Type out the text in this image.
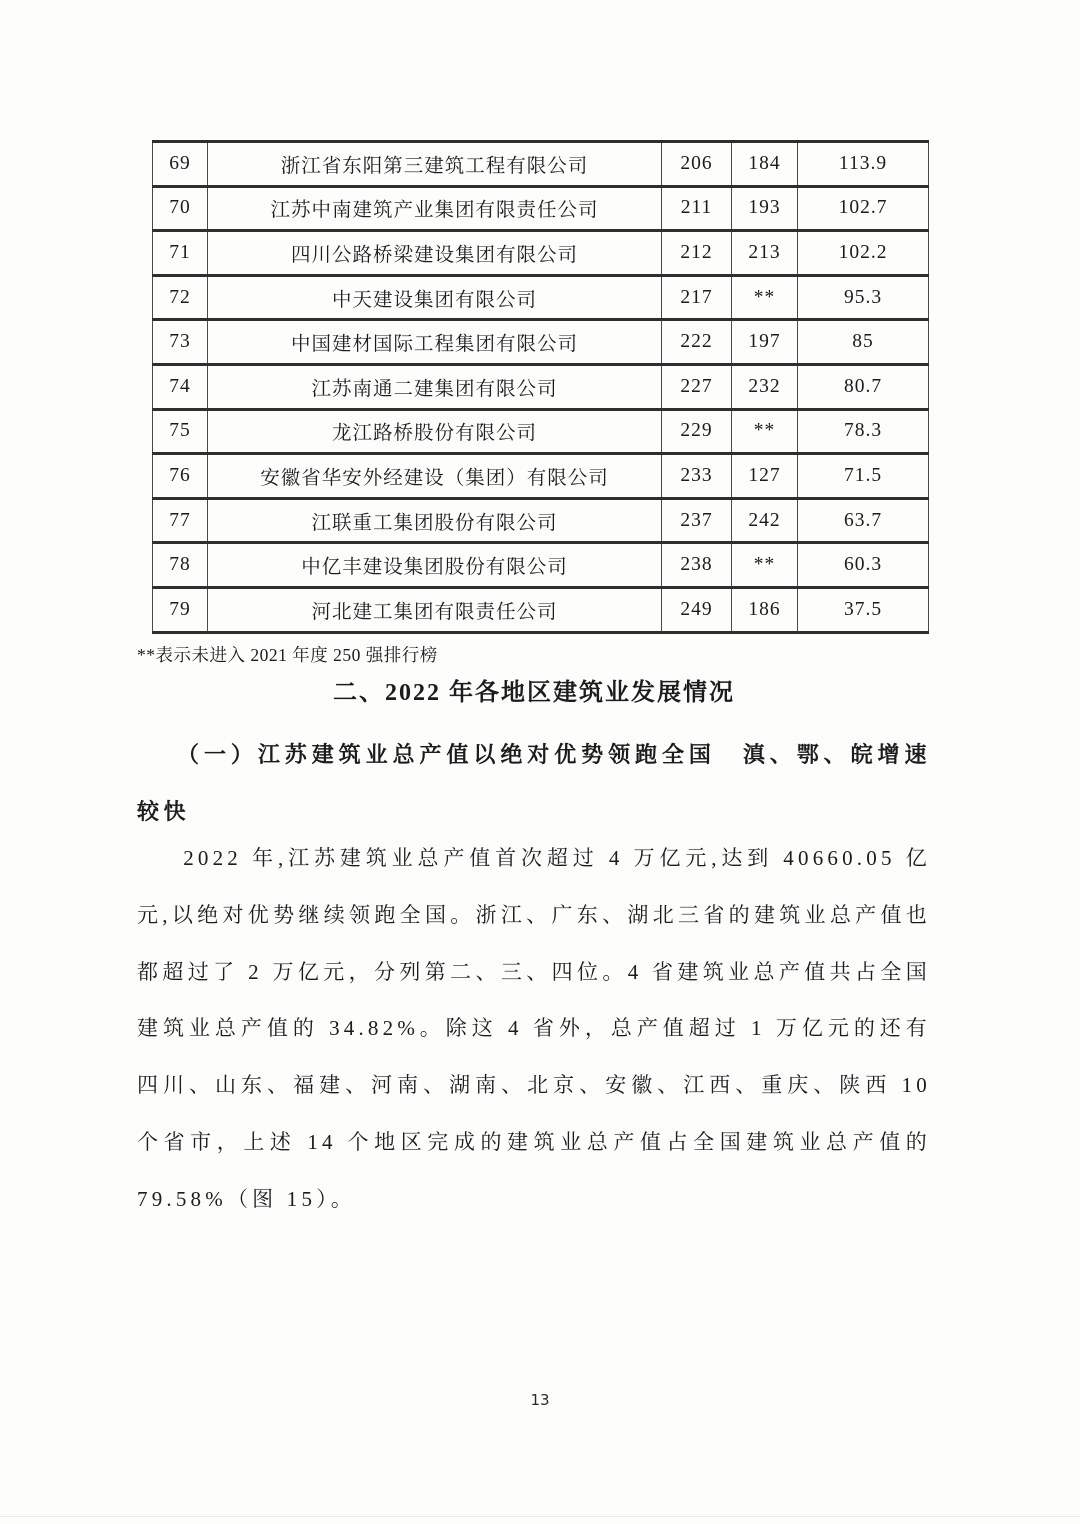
69	浙江省东阳第三建筑工程有限公司	206	184	113.9
70	江苏中南建筑产业集团有限责任公司	211	193	102.7
71	四川公路桥梁建设集团有限公司	212	213	102.2
72	中天建设集团有限公司	217	**	95.3
73	中国建材国际工程集团有限公司	222	197	85
74	江苏南通二建集团有限公司	227	232	80.7
75	龙江路桥股份有限公司	229	**	78.3
76	安徽省华安外经建设（集团）有限公司	233	127	71.5
77	江联重工集团股份有限公司	237	242	63.7
78	中亿丰建设集团股份有限公司	238	**	60.3
79	河北建工集团有限责任公司	249	186	37.5
**表示未进入 2021 年度 250 强排行榜
二、2022 年各地区建筑业发展情况
（一）江苏建筑业总产值以绝对优势领跑全国　滇、鄂、皖增速较快

2022 年,江苏建筑业总产值首次超过 4 万亿元,达到 40660.05 亿元,以绝对优势继续领跑全国。浙江、广东、湖北三省的建筑业总产值也都超过了 2 万亿元，分列第二、三、四位。4 省建筑业总产值共占全国建筑业总产值的 34.82%。除这 4 省外，总产值超过 1 万亿元的还有四川、山东、福建、河南、湖南、北京、安徽、江西、重庆、陕西 10 个省市，上述 14 个地区完成的建筑业总产值占全国建筑业总产值的 79.58%（图 15）。

13
